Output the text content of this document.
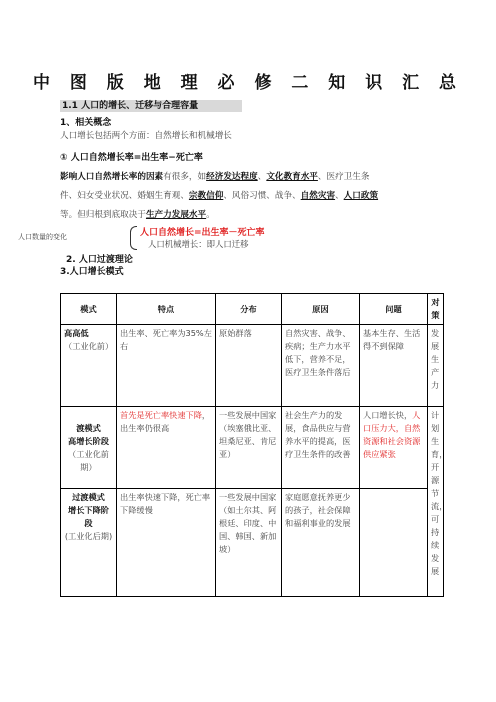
中 图 版 地 理 必 修 二 知 识 汇 总
1.1 人口的增长、迁移与合理容量
1、相关概念
人口增长包括两个方面：自然增长和机械增长
① 人口自然增长率=出生率−死亡率
影响人口自然增长率的因素有很多，如经济发达程度、文化教育水平、医疗卫生条
件、妇女受业状况、婚姻生育观、宗教信仰、风俗习惯、战争、自然灾害、人口政策
等。但归根到底取决于生产力发展水平。
人口数量的变化	人口自然增长=出生率－死亡率
人口机械增长：即人口迁移
2. 人口过渡理论
3.人口增长模式
模式	特点	分布	原因	问题	对策

高高低
（工业化前）	出生率、死亡率为35%左右	原始群落	自然灾害、战争、疾病；生产力水平低下，营养不足，医疗卫生条件落后	基本生存、生活得不到保障	发展生产力

渡模式
高增长阶段
（工业化前期）	首先是死亡率快速下降，出生率仍很高	一些发展中国家（埃塞俄比亚、坦桑尼亚、肯尼亚）	社会生产力的发展，食品供应与营养水平的提高，医疗卫生条件的改善	人口增长快，人口压力大，自然资源和社会资源供应紧张	计划生育，开源节流，可持续发展

过渡模式
增长下降阶段
(工业化后期)	出生率快速下降，死亡率下降缓慢	一些发展中国家（如土尔其、阿根廷、印度、中国、韩国、新加坡）	家庭愿意抚养更少的孩子，社会保障和福利事业的发展		
